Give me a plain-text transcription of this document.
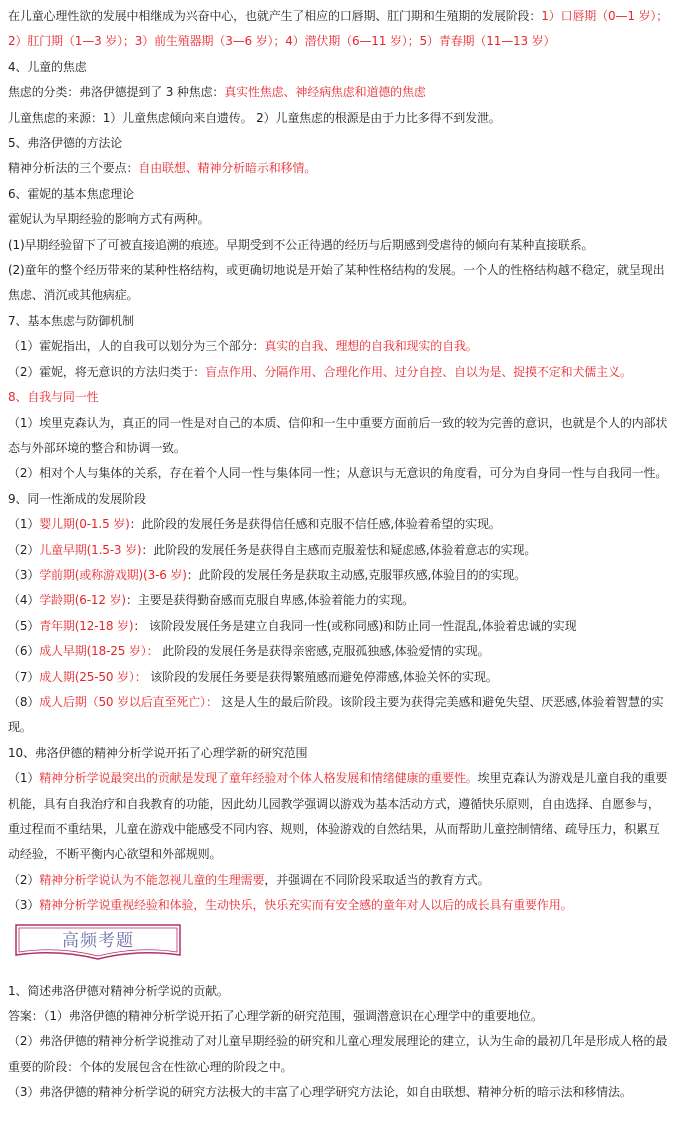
在儿童心理性欲的发展中相继成为兴奋中心，也就产生了相应的口唇期、肛门期和生殖期的发展阶段：1）口唇期（0—1 岁）；
2）肛门期（1—3 岁）；3）前生殖器期（3—6 岁）；4）潜伏期（6—11 岁）；5）青春期（11—13 岁）
4、儿童的焦虑
焦虑的分类：弗洛伊德提到了 3 种焦虑：真实性焦虑、神经病焦虑和道德的焦虑
儿童焦虑的来源：1）儿童焦虑倾向来自遗传。 2）儿童焦虑的根源是由于力比多得不到发泄。
5、弗洛伊德的方法论
精神分析法的三个要点：自由联想、精神分析暗示和移情。
6、霍妮的基本焦虑理论
霍妮认为早期经验的影响方式有两种。
(1)早期经验留下了可被直接追溯的痕迹。早期受到不公正待遇的经历与后期感到受虐待的倾向有某种直接联系。
(2)童年的整个经历带来的某种性格结构，或更确切地说是开始了某种性格结构的发展。一个人的性格结构越不稳定，就呈现出
焦虑、消沉或其他病症。
7、基本焦虑与防御机制
（1）霍妮指出，人的自我可以划分为三个部分：真实的自我、理想的自我和现实的自我。
（2）霍妮，将无意识的方法归类于：盲点作用、分隔作用、合理化作用、过分自控、自以为是、捉摸不定和犬儒主义。
8、自我与同一性
（1）埃里克森认为，真正的同一性是对自己的本质、信仰和一生中重要方面前后一致的较为完善的意识，也就是个人的内部状
态与外部环境的整合和协调一致。
（2）相对个人与集体的关系，存在着个人同一性与集体同一性；从意识与无意识的角度看，可分为自身同一性与自我同一性。
9、同一性渐成的发展阶段
（1）婴儿期(0-1.5 岁)：此阶段的发展任务是获得信任感和克服不信任感,体验着希望的实现。
（2）儿童早期(1.5-3 岁)：此阶段的发展任务是获得自主感而克服羞怯和疑虑感,体验着意志的实现。
（3）学前期(或称游戏期)(3-6 岁)：此阶段的发展任务是获取主动感,克服罪疚感,体验目的的实现。
（4）学龄期(6-12 岁)：主要是获得勤奋感而克服自卑感,体验着能力的实现。
（5）青年期(12-18 岁)： 该阶段发展任务是建立自我同一性(或称同感)和防止同一性混乱,体验着忠诚的实现
（6）成人早期(18-25 岁）： 此阶段的发展任务是获得亲密感,克服孤独感,体验爱情的实现。
（7）成人期(25-50 岁）： 该阶段的发展任务要是获得繁殖感而避免停滞感,体验关怀的实现。
（8）成人后期（50 岁以后直至死亡）： 这是人生的最后阶段。该阶段主要为获得完美感和避免失望、厌恶感,体验着智慧的实
现。
10、弗洛伊德的精神分析学说开拓了心理学新的研究范围
（1）精神分析学说最突出的贡献是发现了童年经验对个体人格发展和情绪健康的重要性。埃里克森认为游戏是儿童自我的重要
机能，具有自我治疗和自我教育的功能，因此幼儿园教学强调以游戏为基本活动方式，遵循快乐原则，自由选择、自愿参与，
重过程而不重结果，儿童在游戏中能感受不同内容、规则，体验游戏的自然结果，从而帮助儿童控制情绪、疏导压力，积累互
动经验，不断平衡内心欲望和外部规则。
（2）精神分析学说认为不能忽视儿童的生理需要，并强调在不同阶段采取适当的教育方式。
（3）精神分析学说重视经验和体验，生动快乐，快乐充实而有安全感的童年对人以后的成长具有重要作用。
高频考题
1、简述弗洛伊德对精神分析学说的贡献。
答案：（1）弗洛伊德的精神分析学说开拓了心理学新的研究范围，强调潜意识在心理学中的重要地位。
（2）弗洛伊德的精神分析学说推动了对儿童早期经验的研究和儿童心理发展理论的建立，认为生命的最初几年是形成人格的最
重要的阶段：个体的发展包含在性欲心理的阶段之中。
（3）弗洛伊德的精神分析学说的研究方法极大的丰富了心理学研究方法论，如自由联想、精神分析的暗示法和移情法。
